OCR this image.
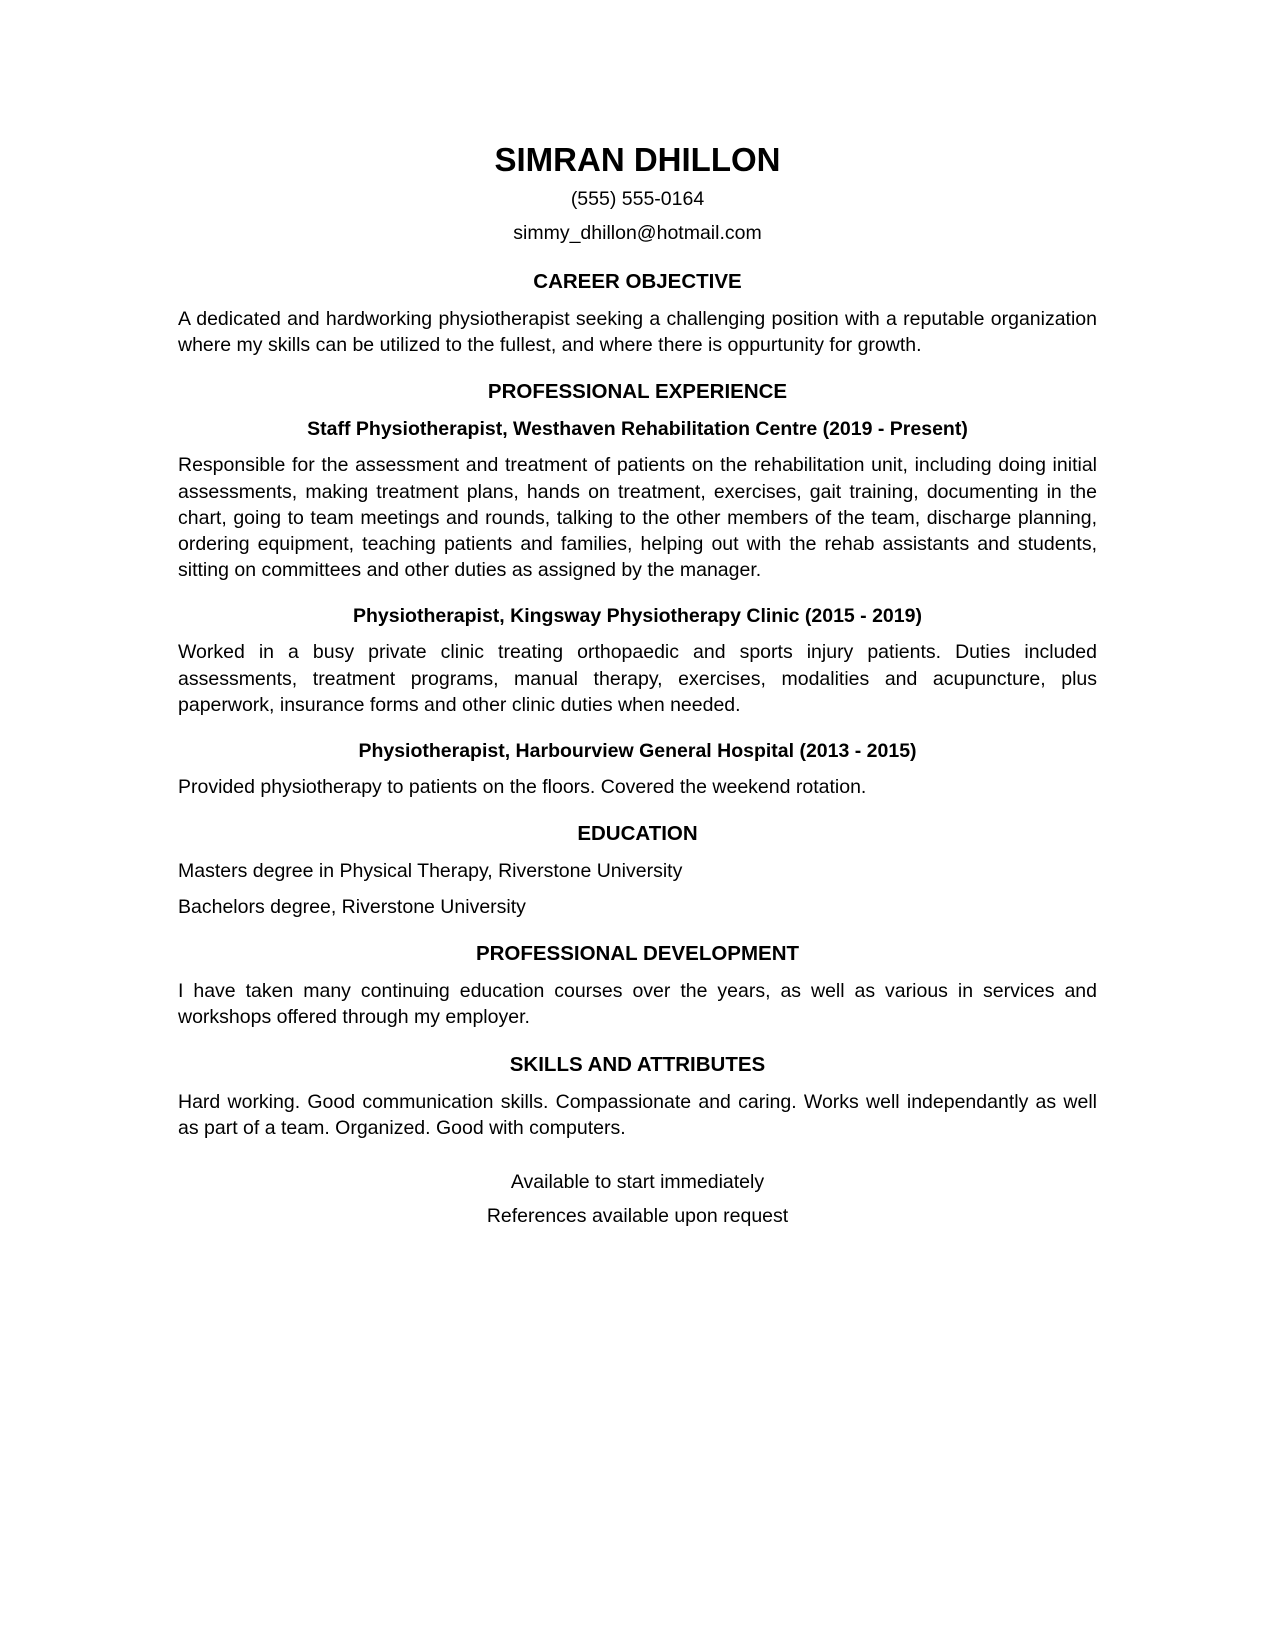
SIMRAN DHILLON
(555) 555-0164
simmy_dhillon@hotmail.com
CAREER OBJECTIVE
A dedicated and hardworking physiotherapist seeking a challenging position with a reputable organization where my skills can be utilized to the fullest, and where there is oppurtunity for growth.
PROFESSIONAL EXPERIENCE
Staff Physiotherapist, Westhaven Rehabilitation Centre (2019 - Present)
Responsible for the assessment and treatment of patients on the rehabilitation unit, including doing initial assessments, making treatment plans, hands on treatment, exercises, gait training, documenting in the chart, going to team meetings and rounds, talking to the other members of the team, discharge planning, ordering equipment, teaching patients and families, helping out with the rehab assistants and students, sitting on committees and other duties as assigned by the manager.
Physiotherapist, Kingsway Physiotherapy Clinic (2015 - 2019)
Worked in a busy private clinic treating orthopaedic and sports injury patients. Duties included assessments, treatment programs, manual therapy, exercises, modalities and acupuncture, plus paperwork, insurance forms and other clinic duties when needed.
Physiotherapist, Harbourview General Hospital (2013 - 2015)
Provided physiotherapy to patients on the floors. Covered the weekend rotation.
EDUCATION
Masters degree in Physical Therapy, Riverstone University
Bachelors degree, Riverstone University
PROFESSIONAL DEVELOPMENT
I have taken many continuing education courses over the years, as well as various in services and workshops offered through my employer.
SKILLS AND ATTRIBUTES
Hard working. Good communication skills. Compassionate and caring. Works well independantly as well as part of a team. Organized. Good with computers.
Available to start immediately
References available upon request
